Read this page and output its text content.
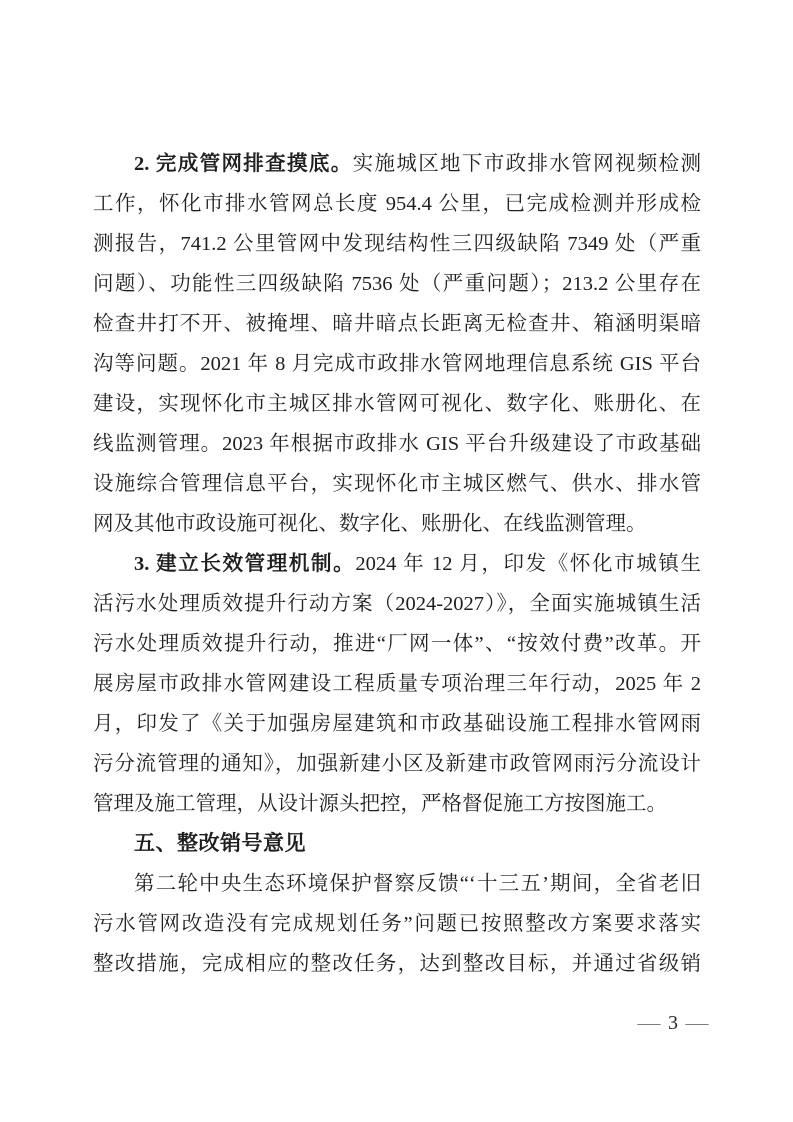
2. 完成管网排查摸底。实施城区地下市政排水管网视频检测
工作，怀化市排水管网总长度 954.4 公里，已完成检测并形成检
测报告，741.2 公里管网中发现结构性三四级缺陷 7349 处（严重
问题）、功能性三四级缺陷 7536 处（严重问题）；213.2 公里存在
检查井打不开、被掩埋、暗井暗点长距离无检查井、箱涵明渠暗
沟等问题。2021 年 8 月完成市政排水管网地理信息系统 GIS 平台
建设，实现怀化市主城区排水管网可视化、数字化、账册化、在
线监测管理。2023 年根据市政排水 GIS 平台升级建设了市政基础
设施综合管理信息平台，实现怀化市主城区燃气、供水、排水管
网及其他市政设施可视化、数字化、账册化、在线监测管理。
3. 建立长效管理机制。2024 年 12 月，印发《怀化市城镇生
活污水处理质效提升行动方案（2024-2027）》，全面实施城镇生活
污水处理质效提升行动，推进“厂网一体”、“按效付费”改革。开
展房屋市政排水管网建设工程质量专项治理三年行动，2025 年 2
月，印发了《关于加强房屋建筑和市政基础设施工程排水管网雨
污分流管理的通知》，加强新建小区及新建市政管网雨污分流设计
管理及施工管理，从设计源头把控，严格督促施工方按图施工。
五、整改销号意见
第二轮中央生态环境保护督察反馈“‘十三五’期间，全省老旧
污水管网改造没有完成规划任务”问题已按照整改方案要求落实
整改措施，完成相应的整改任务，达到整改目标，并通过省级销
— 3 —
